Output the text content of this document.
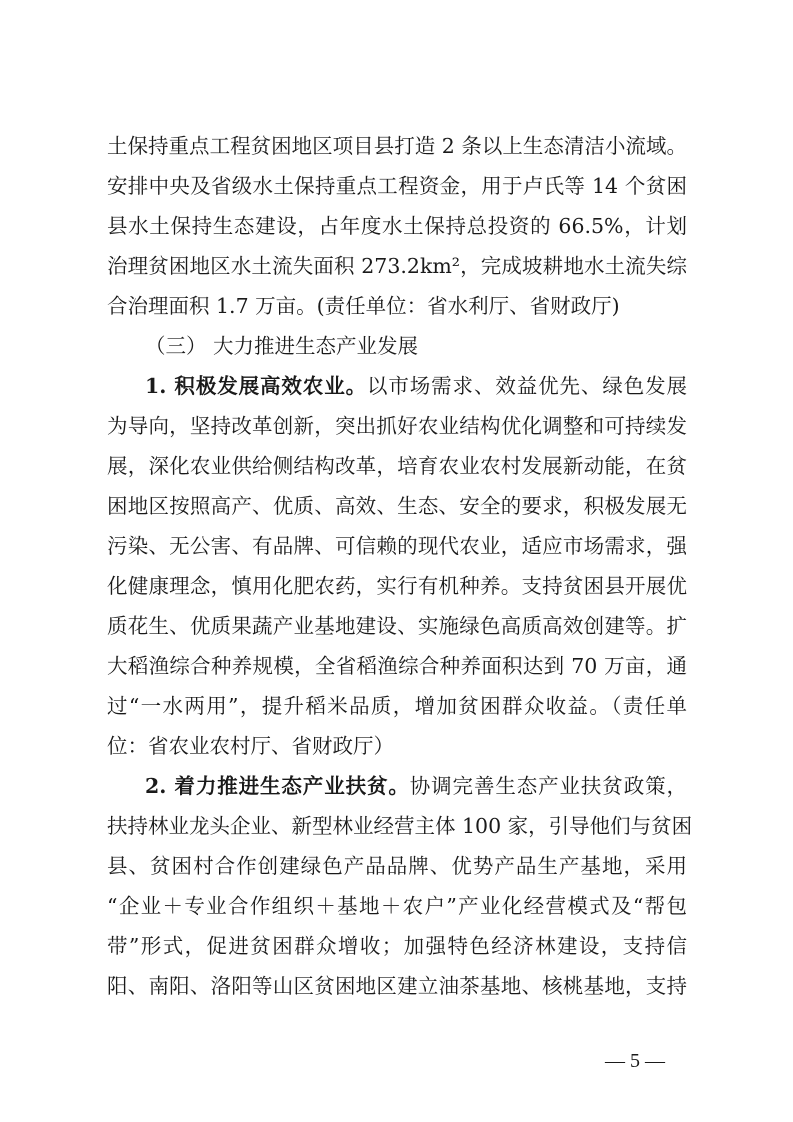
土保持重点工程贫困地区项目县打造 2 条以上生态清洁小流域。
安排中央及省级水土保持重点工程资金，用于卢氏等 14 个贫困
县水土保持生态建设，占年度水土保持总投资的 66.5%，计划
治理贫困地区水土流失面积 273.2km²，完成坡耕地水土流失综
合治理面积 1.7 万亩。(责任单位：省水利厅、省财政厅)
（三） 大力推进生态产业发展
1. 积极发展高效农业。以市场需求、效益优先、绿色发展
为导向，坚持改革创新，突出抓好农业结构优化调整和可持续发
展，深化农业供给侧结构改革，培育农业农村发展新动能，在贫
困地区按照高产、优质、高效、生态、安全的要求，积极发展无
污染、无公害、有品牌、可信赖的现代农业，适应市场需求，强
化健康理念，慎用化肥农药，实行有机种养。支持贫困县开展优
质花生、优质果蔬产业基地建设、实施绿色高质高效创建等。扩
大稻渔综合种养规模，全省稻渔综合种养面积达到 70 万亩，通
过“一水两用”，提升稻米品质，增加贫困群众收益。（责任单
位：省农业农村厅、省财政厅）
2. 着力推进生态产业扶贫。协调完善生态产业扶贫政策，
扶持林业龙头企业、新型林业经营主体 100 家，引导他们与贫困
县、贫困村合作创建绿色产品品牌、优势产品生产基地，采用
“企业＋专业合作组织＋基地＋农户”产业化经营模式及“帮包
带”形式，促进贫困群众增收；加强特色经济林建设，支持信
阳、南阳、洛阳等山区贫困地区建立油茶基地、核桃基地，支持
— 5 —
